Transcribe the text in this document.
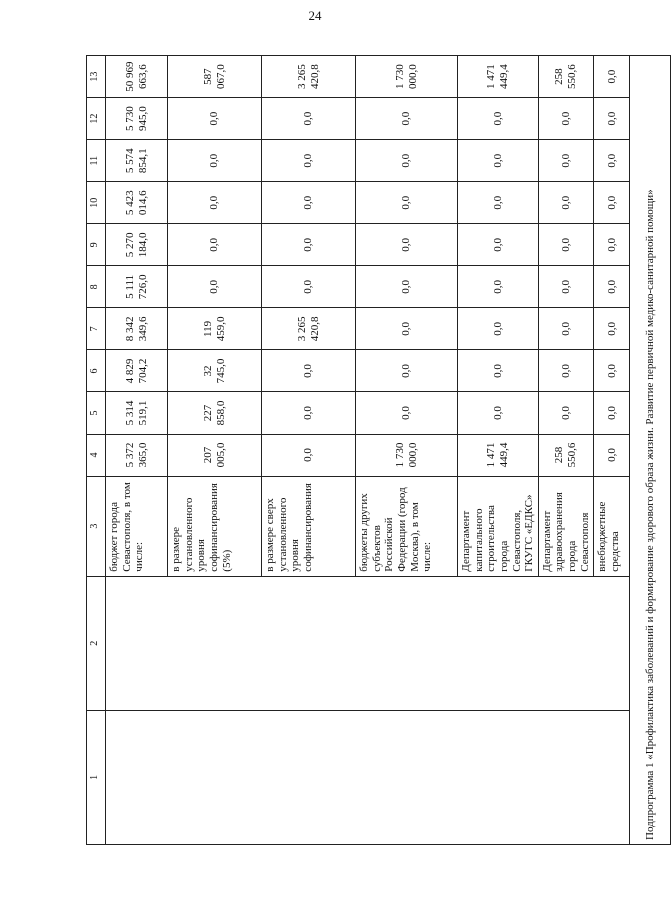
24
1	2	3	4	5	6	7	8	9	10	11	12	13
		бюджет города Севастополя, в том числе:	5 372 365,0	5 314 519,1	4 829 704,2	8 342 349,6	5 111 726,0	5 270 184,0	5 423 014,6	5 574 854,1	5 730 945,0	50 969 663,6
		в размере установленного уровня софинансирования (5%)	207 005,0	227 858,0	32 745,0	119 459,0	0,0	0,0	0,0	0,0	0,0	587 067,0
		в размере сверх установленного уровня софинансирования	0,0	0,0	0,0	3 265 420,8	0,0	0,0	0,0	0,0	0,0	3 265 420,8
		бюджеты других субъектов Российской Федерации (город Москва), в том числе:	1 730 000,0	0,0	0,0	0,0	0,0	0,0	0,0	0,0	0,0	1 730 000,0
		Департамент капитального строительства города Севастополя, ГКУГС «ЕДКС»	1 471 449,4	0,0	0,0	0,0	0,0	0,0	0,0	0,0	0,0	1 471 449,4
		Департамент здравоохранения города Севастополя	258 550,6	0,0	0,0	0,0	0,0	0,0	0,0	0,0	0,0	258 550,6
		внебюджетные средства	0,0	0,0	0,0	0,0	0,0	0,0	0,0	0,0	0,0	0,0
Подпрограмма 1 «Профилактика заболеваний и формирование здорового образа жизни. Развитие первичной медико-санитарной помощи»												
